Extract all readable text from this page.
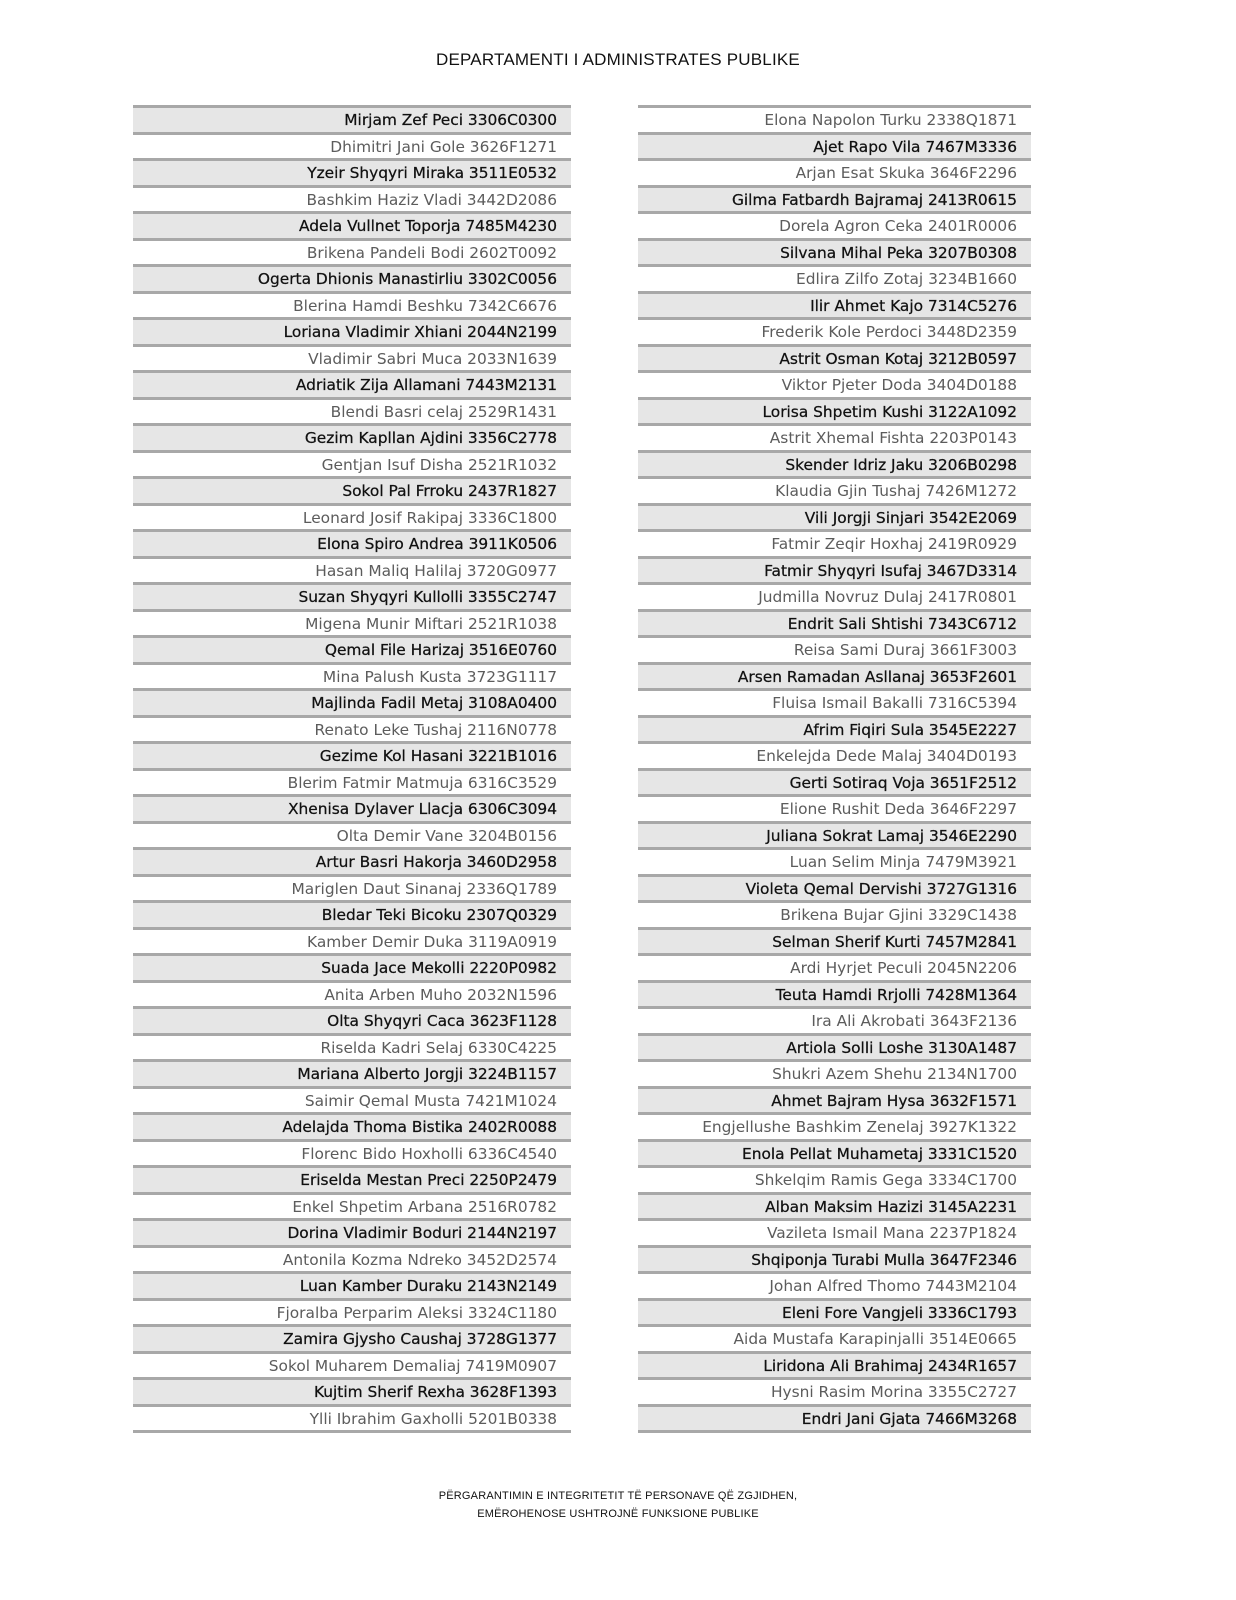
DEPARTAMENTI I ADMINISTRATES PUBLIKE
Mirjam Zef Peci 3306C0300
Dhimitri Jani Gole 3626F1271
Yzeir Shyqyri Miraka 3511E0532
Bashkim Haziz Vladi 3442D2086
Adela Vullnet Toporja 7485M4230
Brikena Pandeli Bodi 2602T0092
Ogerta Dhionis Manastirliu 3302C0056
Blerina Hamdi Beshku 7342C6676
Loriana Vladimir Xhiani 2044N2199
Vladimir Sabri Muca 2033N1639
Adriatik Zija Allamani 7443M2131
Blendi Basri celaj 2529R1431
Gezim Kapllan Ajdini 3356C2778
Gentjan Isuf Disha 2521R1032
Sokol Pal Frroku 2437R1827
Leonard Josif Rakipaj 3336C1800
Elona Spiro Andrea 3911K0506
Hasan Maliq Halilaj 3720G0977
Suzan Shyqyri Kullolli 3355C2747
Migena Munir Miftari 2521R1038
Qemal File Harizaj 3516E0760
Mina Palush Kusta 3723G1117
Majlinda Fadil Metaj 3108A0400
Renato Leke Tushaj 2116N0778
Gezime Kol Hasani 3221B1016
Blerim Fatmir Matmuja 6316C3529
Xhenisa Dylaver Llacja 6306C3094
Olta Demir Vane 3204B0156
Artur Basri Hakorja 3460D2958
Mariglen Daut Sinanaj 2336Q1789
Bledar Teki Bicoku 2307Q0329
Kamber Demir Duka 3119A0919
Suada Jace Mekolli 2220P0982
Anita Arben Muho 2032N1596
Olta Shyqyri Caca 3623F1128
Riselda Kadri Selaj 6330C4225
Mariana Alberto Jorgji 3224B1157
Saimir Qemal Musta 7421M1024
Adelajda Thoma Bistika 2402R0088
Florenc Bido Hoxholli 6336C4540
Eriselda Mestan Preci 2250P2479
Enkel Shpetim Arbana 2516R0782
Dorina Vladimir Boduri 2144N2197
Antonila Kozma Ndreko 3452D2574
Luan Kamber Duraku 2143N2149
Fjoralba Perparim Aleksi 3324C1180
Zamira Gjysho Caushaj 3728G1377
Sokol Muharem Demaliaj 7419M0907
Kujtim Sherif Rexha 3628F1393
Ylli Ibrahim Gaxholli 5201B0338
Elona Napolon Turku 2338Q1871
Ajet Rapo Vila 7467M3336
Arjan Esat Skuka 3646F2296
Gilma Fatbardh Bajramaj 2413R0615
Dorela Agron Ceka 2401R0006
Silvana Mihal Peka 3207B0308
Edlira Zilfo Zotaj 3234B1660
Ilir Ahmet Kajo 7314C5276
Frederik Kole Perdoci 3448D2359
Astrit Osman Kotaj 3212B0597
Viktor Pjeter Doda 3404D0188
Lorisa Shpetim Kushi 3122A1092
Astrit Xhemal Fishta 2203P0143
Skender Idriz Jaku 3206B0298
Klaudia Gjin Tushaj 7426M1272
Vili Jorgji Sinjari 3542E2069
Fatmir Zeqir Hoxhaj 2419R0929
Fatmir Shyqyri Isufaj 3467D3314
Judmilla Novruz Dulaj 2417R0801
Endrit Sali Shtishi 7343C6712
Reisa Sami Duraj 3661F3003
Arsen Ramadan Asllanaj 3653F2601
Fluisa Ismail Bakalli 7316C5394
Afrim Fiqiri Sula 3545E2227
Enkelejda Dede Malaj 3404D0193
Gerti Sotiraq Voja 3651F2512
Elione Rushit Deda 3646F2297
Juliana Sokrat Lamaj 3546E2290
Luan Selim Minja 7479M3921
Violeta Qemal Dervishi 3727G1316
Brikena Bujar Gjini 3329C1438
Selman Sherif Kurti 7457M2841
Ardi Hyrjet Peculi 2045N2206
Teuta Hamdi Rrjolli 7428M1364
Ira Ali Akrobati 3643F2136
Artiola Solli Loshe 3130A1487
Shukri Azem Shehu 2134N1700
Ahmet Bajram Hysa 3632F1571
Engjellushe Bashkim Zenelaj 3927K1322
Enola Pellat Muhametaj 3331C1520
Shkelqim Ramis Gega 3334C1700
Alban Maksim Hazizi 3145A2231
Vazileta Ismail Mana 2237P1824
Shqiponja Turabi Mulla 3647F2346
Johan Alfred Thomo 7443M2104
Eleni Fore Vangjeli 3336C1793
Aida Mustafa Karapinjalli 3514E0665
Liridona Ali Brahimaj 2434R1657
Hysni Rasim Morina 3355C2727
Endri Jani Gjata 7466M3268
PËRGARANTIMIN E INTEGRITETIT TË PERSONAVE QË ZGJIDHEN,
EMËROHENOSE USHTROJNË FUNKSIONE PUBLIKE
